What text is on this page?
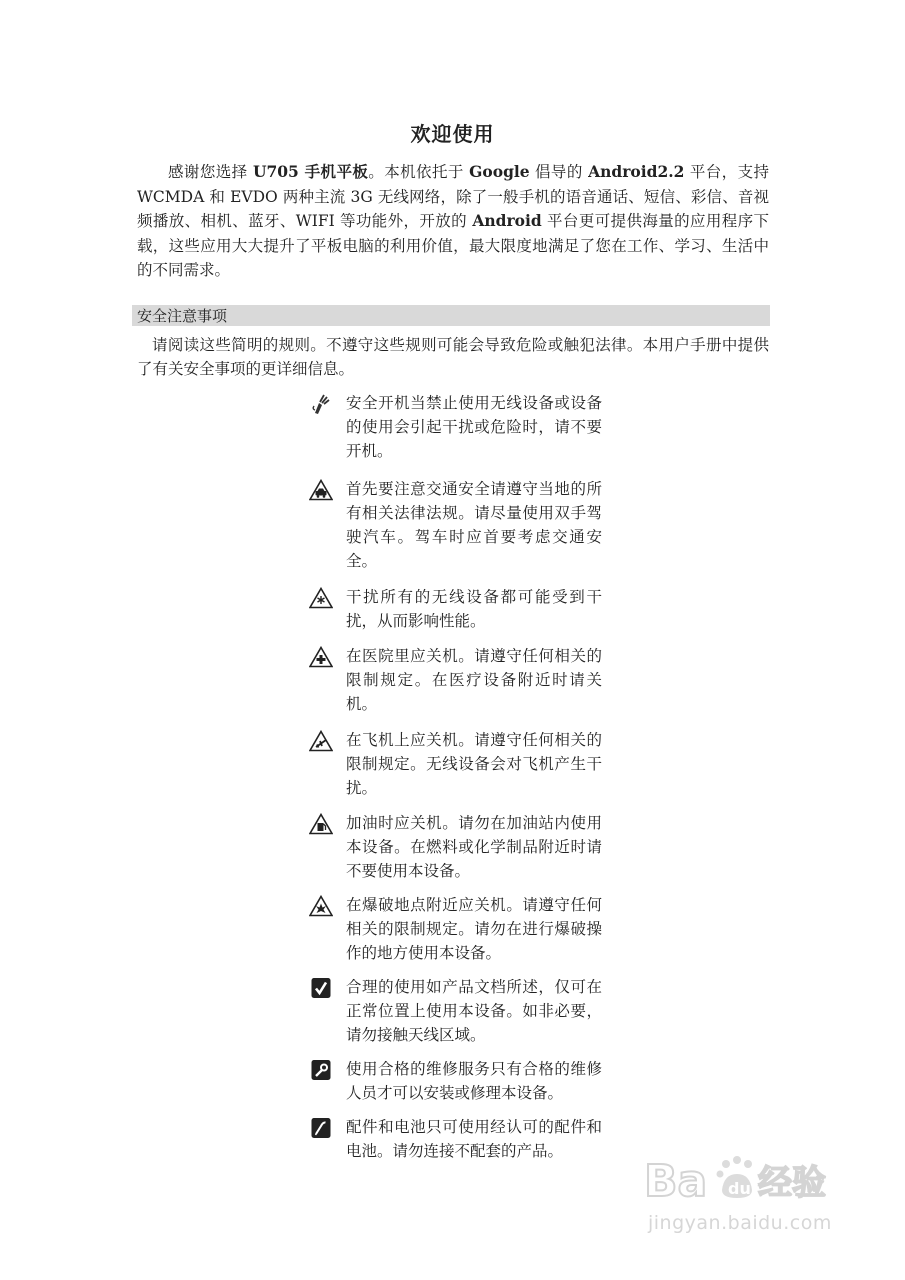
欢迎使用
感谢您选择 U705 手机平板。本机依托于 Google 倡导的 Android2.2 平台，支持 WCMDA 和 EVDO 两种主流 3G 无线网络，除了一般手机的语音通话、短信、彩信、音视频播放、相机、蓝牙、WIFI 等功能外，开放的 Android 平台更可提供海量的应用程序下载，这些应用大大提升了平板电脑的利用价值，最大限度地满足了您在工作、学习、生活中的不同需求。
安全注意事项
请阅读这些简明的规则。不遵守这些规则可能会导致危险或触犯法律。本用户手册中提供了有关安全事项的更详细信息。
安全开机当禁止使用无线设备或设备的使用会引起干扰或危险时，请不要开机。
首先要注意交通安全请遵守当地的所有相关法律法规。请尽量使用双手驾驶汽车。驾车时应首要考虑交通安全。
干扰所有的无线设备都可能受到干扰，从而影响性能。
在医院里应关机。请遵守任何相关的限制规定。在医疗设备附近时请关机。
在飞机上应关机。请遵守任何相关的限制规定。无线设备会对飞机产生干扰。
加油时应关机。请勿在加油站内使用本设备。在燃料或化学制品附近时请不要使用本设备。
在爆破地点附近应关机。请遵守任何相关的限制规定。请勿在进行爆破操作的地方使用本设备。
合理的使用如产品文档所述，仅可在正常位置上使用本设备。如非必要，请勿接触天线区域。
使用合格的维修服务只有合格的维修人员才可以安装或修理本设备。
配件和电池只可使用经认可的配件和电池。请勿连接不配套的产品。
Ba du 经验
jingyan.baidu.com
